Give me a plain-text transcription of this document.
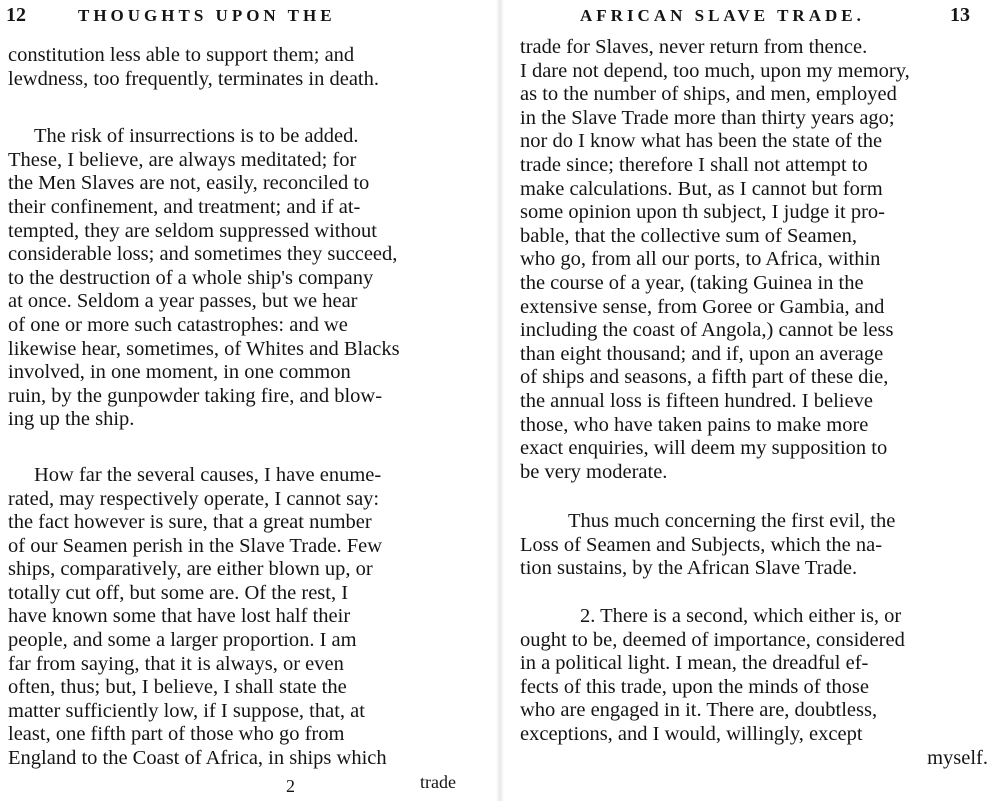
12	THOUGHTS UPON THE

constitution less able to support them; and
lewdness, too frequently, terminates in death.

The risk of insurrections is to be added.
These, I believe, are always meditated; for
the Men Slaves are not, easily, reconciled to
their confinement, and treatment; and if at-
tempted, they are seldom suppressed without
considerable loss; and sometimes they succeed,
to the destruction of a whole ship's company
at once. Seldom a year passes, but we hear
of one or more such catastrophes: and we
likewise hear, sometimes, of Whites and Blacks
involved, in one moment, in one common
ruin, by the gunpowder taking fire, and blow-
ing up the ship.

How far the several causes, I have enume-
rated, may respectively operate, I cannot say:
the fact however is sure, that a great number
of our Seamen perish in the Slave Trade. Few
ships, comparatively, are either blown up, or
totally cut off, but some are. Of the rest, I
have known some that have lost half their
people, and some a larger proportion. I am
far from saying, that it is always, or even
often, thus; but, I believe, I shall state the
matter sufficiently low, if I suppose, that, at
least, one fifth part of those who go from
England to the Coast of Africa, in ships which

2	trade
AFRICAN SLAVE TRADE.	13

trade for Slaves, never return from thence.
I dare not depend, too much, upon my memory,
as to the number of ships, and men, employed
in the Slave Trade more than thirty years ago;
nor do I know what has been the state of the
trade since; therefore I shall not attempt to
make calculations. But, as I cannot but form
some opinion upon th subject, I judge it pro-
bable, that the collective sum of Seamen,
who go, from all our ports, to Africa, within
the course of a year, (taking Guinea in the
extensive sense, from Goree or Gambia, and
including the coast of Angola,) cannot be less
than eight thousand; and if, upon an average
of ships and seasons, a fifth part of these die,
the annual loss is fifteen hundred. I believe
those, who have taken pains to make more
exact enquiries, will deem my supposition to
be very moderate.

Thus much concerning the first evil, the
Loss of Seamen and Subjects, which the na-
tion sustains, by the African Slave Trade.

2. There is a second, which either is, or
ought to be, deemed of importance, considered
in a political light. I mean, the dreadful ef-
fects of this trade, upon the minds of those
who are engaged in it. There are, doubtless,
exceptions, and I would, willingly, except
myself.
